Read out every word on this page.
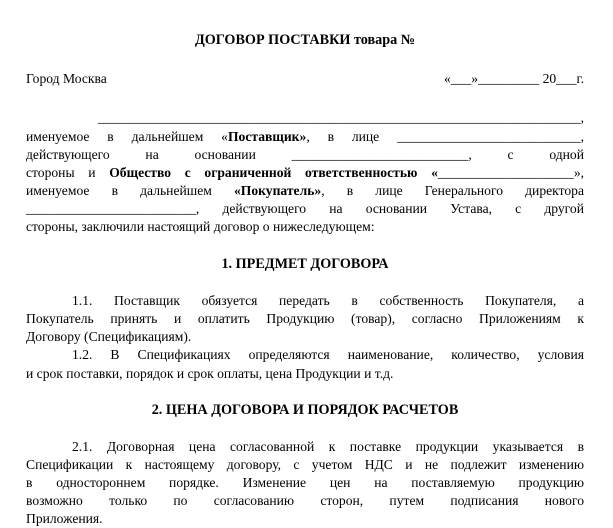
ДОГОВОР ПОСТАВКИ товара №
Город Москва	«___»_________ 20___г.
_______________________________________________________________________,
именуемое в дальнейшем «Поставщик», в лице ___________________________,
действующего на основании __________________________, с одной
стороны и Общество с ограниченной ответственностью «____________________»,
именуемое в дальнейшем «Покупатель», в лице Генерального директора
_________________________, действующего на основании Устава, с другой
стороны, заключили настоящий договор о нижеследующем:
1. ПРЕДМЕТ ДОГОВОРА
1.1. Поставщик обязуется передать в собственность Покупателя, а
Покупатель принять и оплатить Продукцию (товар), согласно Приложениям к
Договору (Спецификациям).
1.2. В Спецификациях определяются наименование, количество, условия
и срок поставки, порядок и срок оплаты, цена Продукции и т.д.
2. ЦЕНА ДОГОВОРА И ПОРЯДОК РАСЧЕТОВ
2.1. Договорная цена согласованной к поставке продукции указывается в
Спецификации к настоящему договору, с учетом НДС и не подлежит изменению
в одностороннем порядке. Изменение цен на поставляемую продукцию
возможно только по согласованию сторон, путем подписания нового
Приложения.
